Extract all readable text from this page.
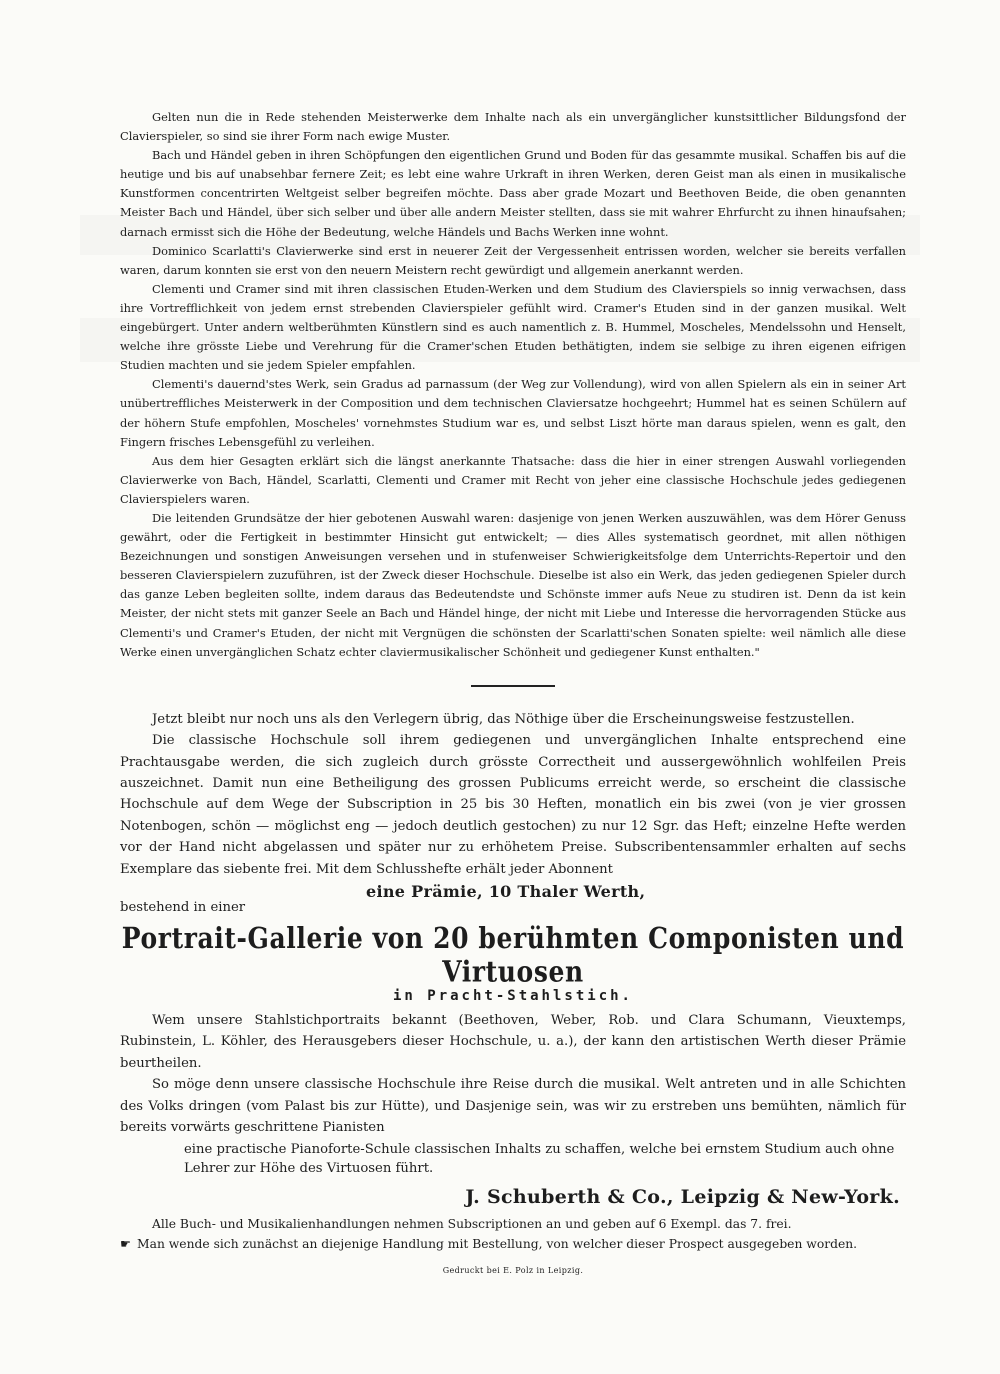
Gelten nun die in Rede stehenden Meisterwerke dem Inhalte nach als ein unvergänglicher kunstsittlicher Bildungsfond der Clavierspieler, so sind sie ihrer Form nach ewige Muster.

Bach und Händel geben in ihren Schöpfungen den eigentlichen Grund und Boden für das gesammte musikal. Schaffen bis auf die heutige und bis auf unabsehbar fernere Zeit; es lebt eine wahre Urkraft in ihren Werken, deren Geist man als einen in musikalische Kunstformen concentrirten Weltgeist selber begreifen möchte. Dass aber grade Mozart und Beethoven Beide, die oben genannten Meister Bach und Händel, über sich selber und über alle andern Meister stellten, dass sie mit wahrer Ehrfurcht zu ihnen hinaufsahen; darnach ermisst sich die Höhe der Bedeutung, welche Händels und Bachs Werken inne wohnt.

Dominico Scarlatti's Clavierwerke sind erst in neuerer Zeit der Vergessenheit entrissen worden, welcher sie bereits verfallen waren, darum konnten sie erst von den neuern Meistern recht gewürdigt und allgemein anerkannt werden.

Clementi und Cramer sind mit ihren classischen Etuden-Werken und dem Studium des Clavierspiels so innig verwachsen, dass ihre Vortrefflichkeit von jedem ernst strebenden Clavierspieler gefühlt wird. Cramer's Etuden sind in der ganzen musikal. Welt eingebürgert. Unter andern weltberühmten Künstlern sind es auch namentlich z. B. Hummel, Moscheles, Mendelssohn und Henselt, welche ihre grösste Liebe und Verehrung für die Cramer'schen Etuden bethätigten, indem sie selbige zu ihren eigenen eifrigen Studien machten und sie jedem Spieler empfahlen.

Clementi's dauernd'stes Werk, sein Gradus ad parnassum (der Weg zur Vollendung), wird von allen Spielern als ein in seiner Art unübertreffliches Meisterwerk in der Composition und dem technischen Claviersatze hochgeehrt; Hummel hat es seinen Schülern auf der höhern Stufe empfohlen, Moscheles' vornehmstes Studium war es, und selbst Liszt hörte man daraus spielen, wenn es galt, den Fingern frisches Lebensgefühl zu verleihen.

Aus dem hier Gesagten erklärt sich die längst anerkannte Thatsache: dass die hier in einer strengen Auswahl vorliegenden Clavierwerke von Bach, Händel, Scarlatti, Clementi und Cramer mit Recht von jeher eine classische Hochschule jedes gediegenen Clavierspielers waren.

Die leitenden Grundsätze der hier gebotenen Auswahl waren: dasjenige von jenen Werken auszuwählen, was dem Hörer Genuss gewährt, oder die Fertigkeit in bestimmter Hinsicht gut entwickelt; — dies Alles systematisch geordnet, mit allen nöthigen Bezeichnungen und sonstigen Anweisungen versehen und in stufenweiser Schwierigkeitsfolge dem Unterrichts-Repertoir und den besseren Clavierspielern zuzuführen, ist der Zweck dieser Hochschule. Dieselbe ist also ein Werk, das jeden gediegenen Spieler durch das ganze Leben begleiten sollte, indem daraus das Bedeutendste und Schönste immer aufs Neue zu studiren ist. Denn da ist kein Meister, der nicht stets mit ganzer Seele an Bach und Händel hinge, der nicht mit Liebe und Interesse die hervorragenden Stücke aus Clementi's und Cramer's Etuden, der nicht mit Vergnügen die schönsten der Scarlatti'schen Sonaten spielte: weil nämlich alle diese Werke einen unvergänglichen Schatz echter claviermusikalischer Schönheit und gediegener Kunst enthalten."

Jetzt bleibt nur noch uns als den Verlegern übrig, das Nöthige über die Erscheinungsweise festzustellen.

Die classische Hochschule soll ihrem gediegenen und unvergänglichen Inhalte entsprechend eine Prachtausgabe werden, die sich zugleich durch grösste Correctheit und aussergewöhnlich wohlfeilen Preis auszeichnet. Damit nun eine Betheiligung des grossen Publicums erreicht werde, so erscheint die classische Hochschule auf dem Wege der Subscription in 25 bis 30 Heften, monatlich ein bis zwei (von je vier grossen Notenbogen, schön — möglichst eng — jedoch deutlich gestochen) zu nur 12 Sgr. das Heft; einzelne Hefte werden vor der Hand nicht abgelassen und später nur zu erhöhetem Preise. Subscribentensammler erhalten auf sechs Exemplare das siebente frei. Mit dem Schlusshefte erhält jeder Abonnent

eine Prämie, 10 Thaler Werth,
bestehend in einer
Portrait-Gallerie von 20 berühmten Componisten und Virtuosen
in Pracht-Stahlstich.

Wem unsere Stahlstichportraits bekannt (Beethoven, Weber, Rob. und Clara Schumann, Vieuxtemps, Rubinstein, L. Köhler, des Herausgebers dieser Hochschule, u. a.), der kann den artistischen Werth dieser Prämie beurtheilen.

So möge denn unsere classische Hochschule ihre Reise durch die musikal. Welt antreten und in alle Schichten des Volks dringen (vom Palast bis zur Hütte), und Dasjenige sein, was wir zu erstreben uns bemühten, nämlich für bereits vorwärts geschrittene Pianisten

eine practische Pianoforte-Schule classischen Inhalts zu schaffen, welche bei ernstem Studium auch ohne Lehrer zur Höhe des Virtuosen führt.

J. Schuberth & Co., Leipzig & New-York.

Alle Buch- und Musikalienhandlungen nehmen Subscriptionen an und geben auf 6 Exempl. das 7. frei.

☛ Man wende sich zunächst an diejenige Handlung mit Bestellung, von welcher dieser Prospect ausgegeben worden.

Gedruckt bei E. Polz in Leipzig.
